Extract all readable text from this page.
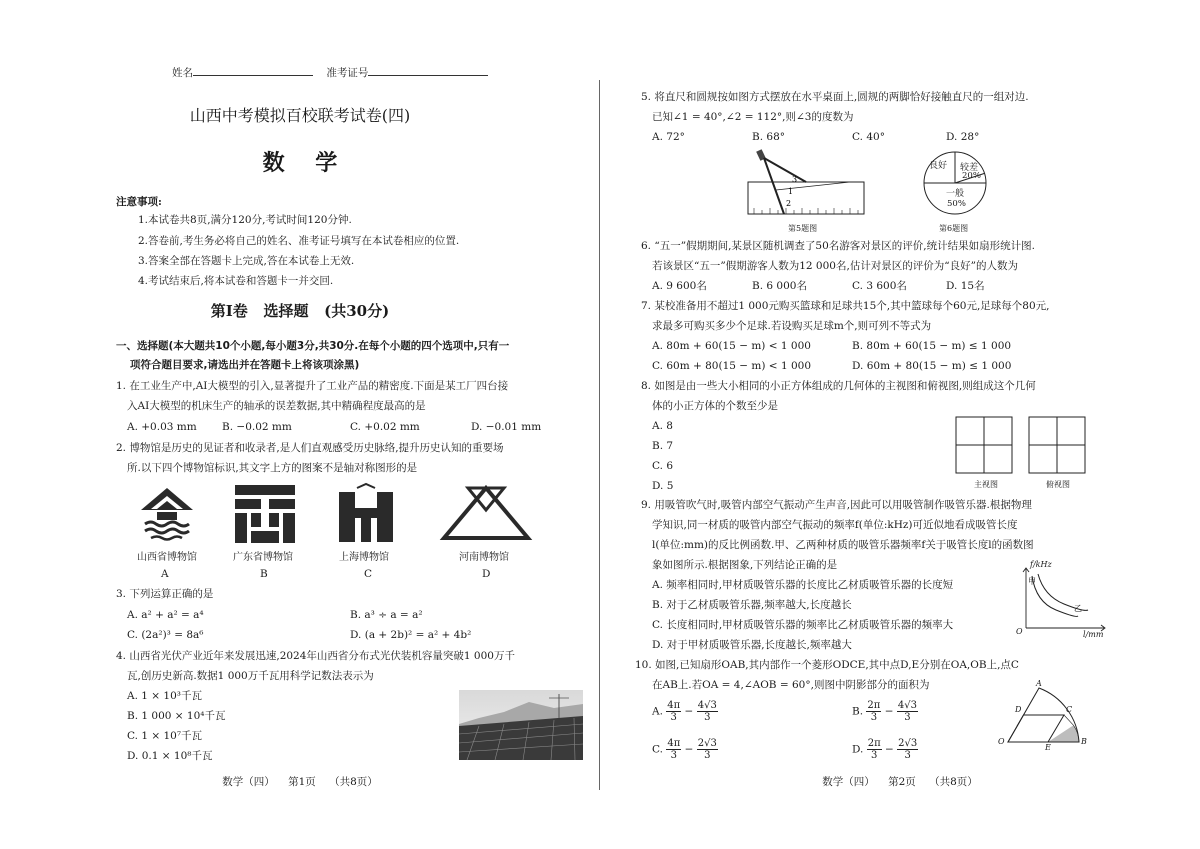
姓名	准考证号
山西中考模拟百校联考试卷(四)
数    学
注意事项:
1.本试卷共8页,满分120分,考试时间120分钟.
2.答卷前,考生务必将自己的姓名、准考证号填写在本试卷相应的位置.
3.答案全部在答题卡上完成,答在本试卷上无效.
4.考试结束后,将本试卷和答题卡一并交回.
第Ⅰ卷   选择题   (共30分)
一、选择题(本大题共10个小题,每小题3分,共30分.在每个小题的四个选项中,只有一
项符合题目要求,请选出并在答题卡上将该项涂黑)
1. 在工业生产中,AI大模型的引入,显著提升了工业产品的精密度.下面是某工厂四台接
入AI大模型的机床生产的轴承的误差数据,其中精确程度最高的是
A. +0.03 mm B. −0.02 mm	C. +0.02 mm	D. −0.01 mm
2. 博物馆是历史的见证者和收录者,是人们直观感受历史脉络,提升历史认知的重要场
所.以下四个博物馆标识,其文字上方的图案不是轴对称图形的是
山西省博物馆	广东省博物馆	上海博物馆	河南博物馆
A	B	C	D
3. 下列运算正确的是
A. a² + a² = a⁴	B. a³ ÷ a = a²
C. (2a²)³ = 8a⁶	D. (a + 2b)² = a² + 4b²
4. 山西省光伏产业近年来发展迅速,2024年山西省分布式光伏装机容量突破1 000万千
瓦,创历史新高.数据1 000万千瓦用科学记数法表示为
A. 1 × 10³千瓦
B. 1 000 × 10⁴千瓦
C. 1 × 10⁷千瓦
D. 0.1 × 10⁸千瓦
数学（四）    第1页    （共8页）
5. 将直尺和圆规按如图方式摆放在水平桌面上,圆规的两脚恰好接触直尺的一组对边.
已知∠1 = 40°,∠2 = 112°,则∠3的度数为
A. 72°	B. 68°	C. 40°	D. 28°
1
2
3
第5题图
良好 较差
20%
一般
50%
第6题图
6. “五一”假期期间,某景区随机调查了50名游客对景区的评价,统计结果如扇形统计图.
若该景区“五一”假期游客人数为12 000名,估计对景区的评价为“良好”的人数为
A. 9 600名	B. 6 000名	C. 3 600名	D. 15名
7. 某校准备用不超过1 000元购买篮球和足球共15个,其中篮球每个60元,足球每个80元,
求最多可购买多少个足球.若设购买足球m个,则可列不等式为
A. 80m + 60(15 − m) < 1 000	B. 80m + 60(15 − m) ≤ 1 000
C. 60m + 80(15 − m) < 1 000	D. 60m + 80(15 − m) ≤ 1 000
8. 如图是由一些大小相同的小正方体组成的几何体的主视图和俯视图,则组成这个几何
体的小正方体的个数至少是
A. 8
B. 7
C. 6
D. 5	主视图	俯视图
9. 用吸管吹气时,吸管内部空气振动产生声音,因此可以用吸管制作吸管乐器.根据物理
学知识,同一材质的吸管内部空气振动的频率f(单位:kHz)可近似地看成吸管长度
l(单位:mm)的反比例函数.甲、乙两种材质的吸管乐器频率f关于吸管长度l的函数图
象如图所示.根据图象,下列结论正确的是
A. 频率相同时,甲材质吸管乐器的长度比乙材质吸管乐器的长度短
B. 对于乙材质吸管乐器,频率越大,长度越长
C. 长度相同时,甲材质吸管乐器的频率比乙材质吸管乐器的频率大
D. 对于甲材质吸管乐器,长度越长,频率越大
f/kHz
甲
乙
O	l/mm
10. 如图,已知扇形OAB,其内部作一个菱形ODCE,其中点D,E分别在OA,OB上,点C
在AB上.若OA = 4,∠AOB = 60°,则图中阴影部分的面积为
A. $\frac{4\pi}{3} - \frac{4√3}{3}$	B. $\frac{2\pi}{3} - \frac{4√3}{3}$
C. $\frac{4\pi}{3} - \frac{2√3}{3}$	D. $\frac{2\pi}{3} - \frac{2√3}{3}$
A
D	C
O
E
B
数学（四）    第2页    （共8页）
